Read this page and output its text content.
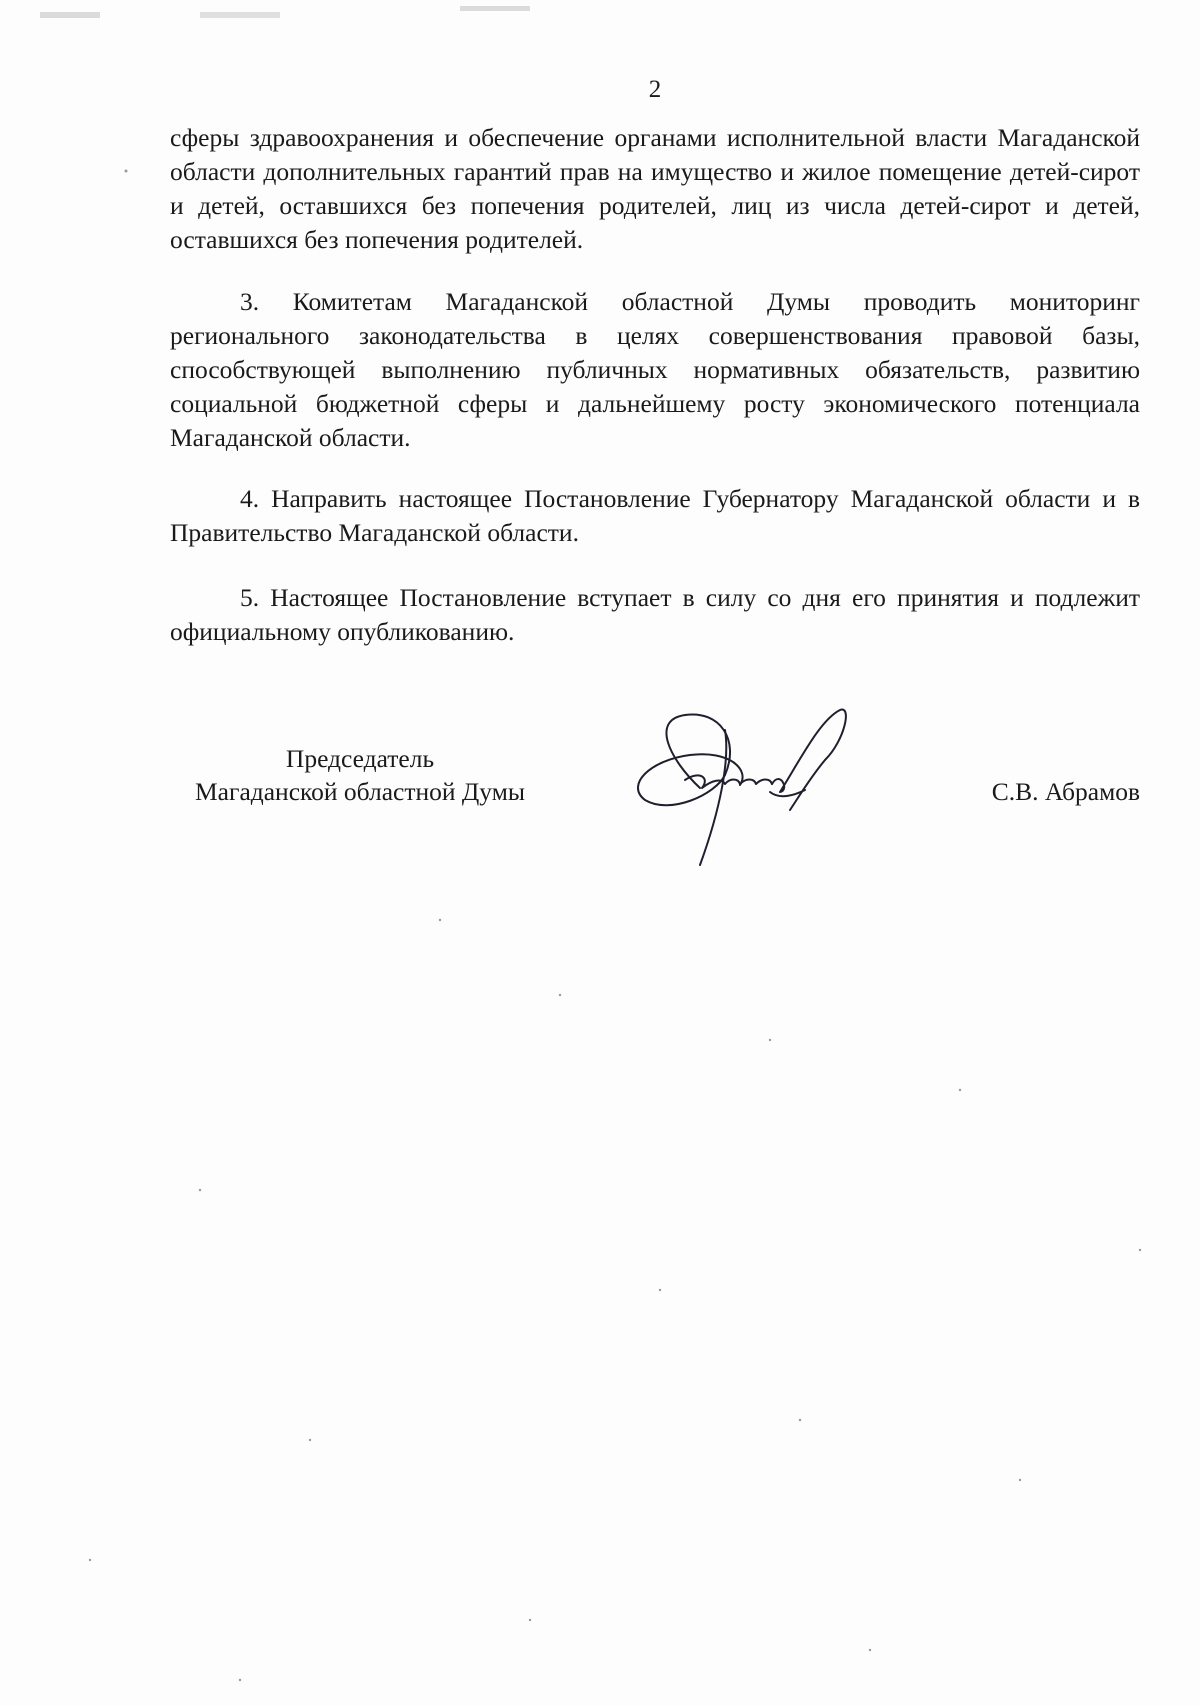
2

сферы здравоохранения и обеспечение органами исполнительной власти Магаданской области дополнительных гарантий прав на имущество и жилое помещение детей-сирот и детей, оставшихся без попечения родителей, лиц из числа детей-сирот и детей, оставшихся без попечения родителей.

3. Комитетам Магаданской областной Думы проводить мониторинг регионального законодательства в целях совершенствования правовой базы, способствующей выполнению публичных нормативных обязательств, развитию социальной бюджетной сферы и дальнейшему росту экономического потенциала Магаданской области.

4. Направить настоящее Постановление Губернатору Магаданской области и в Правительство Магаданской области.

5. Настоящее Постановление вступает в силу со дня его принятия и подлежит официальному опубликованию.

Председатель
Магаданской областной Думы	С.В. Абрамов
